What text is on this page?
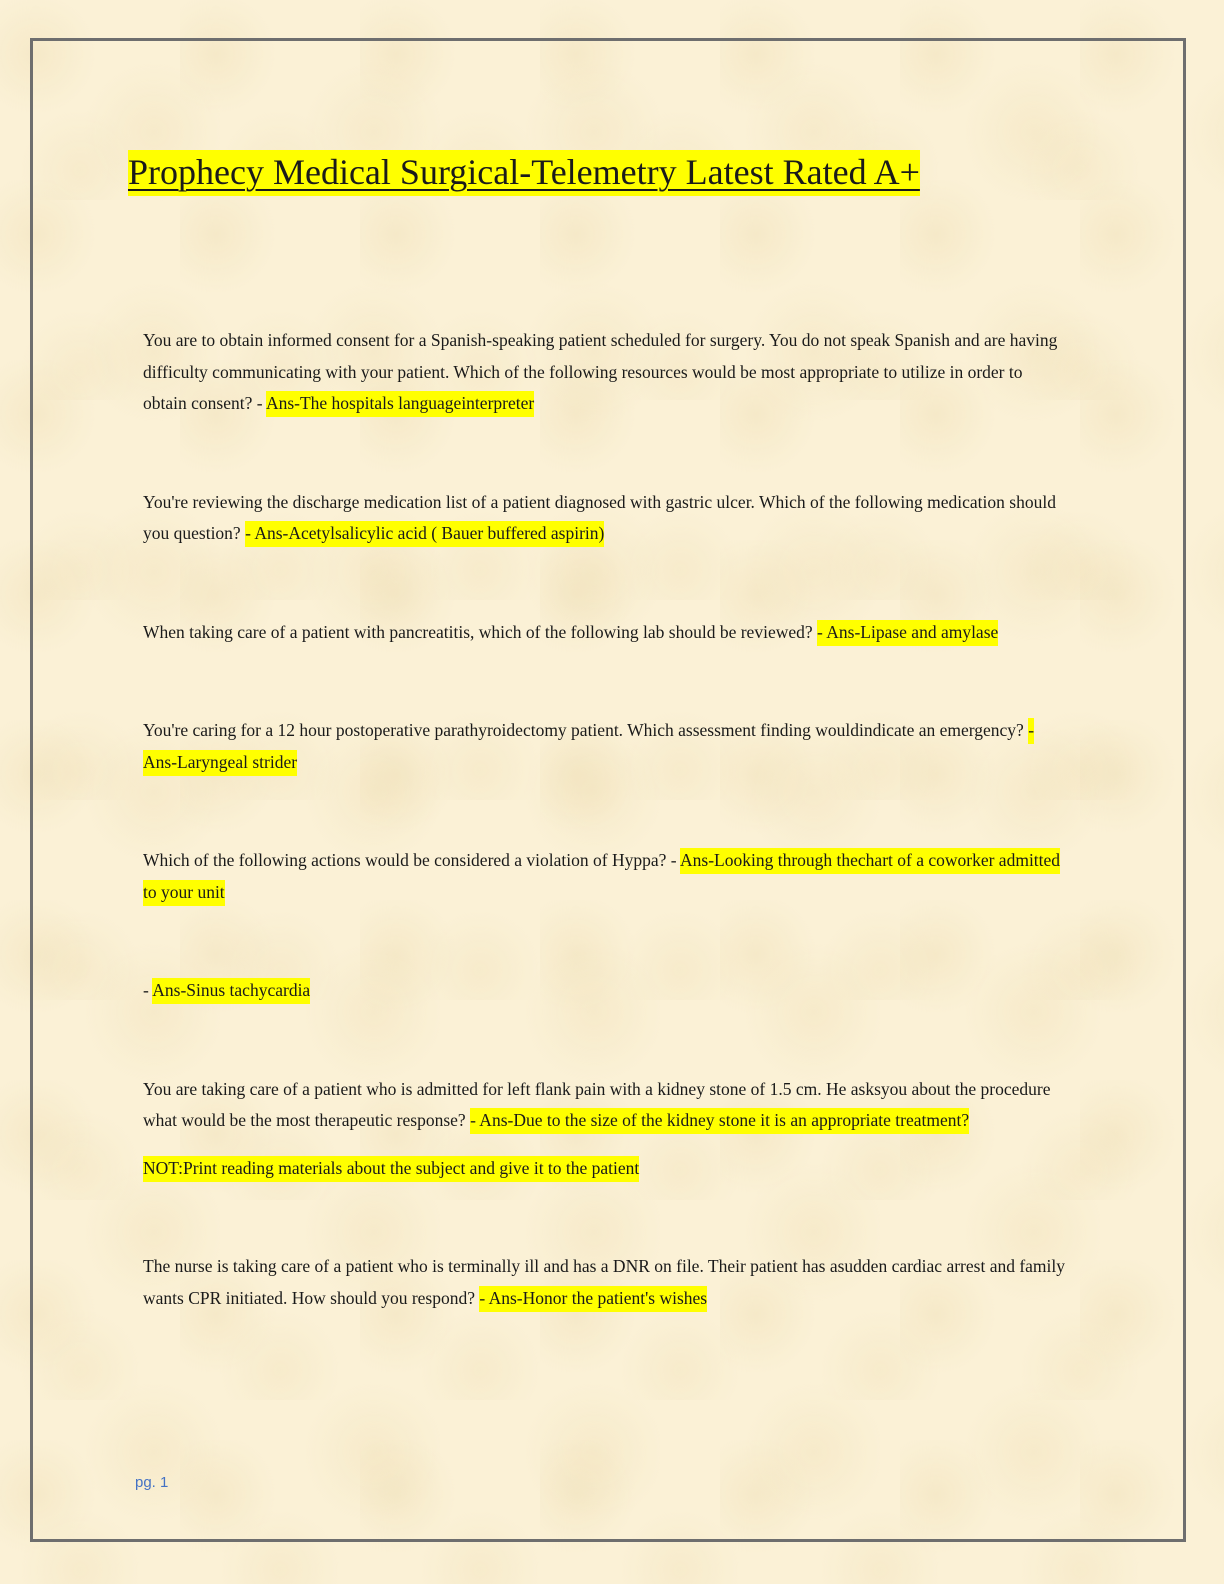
Prophecy Medical Surgical-Telemetry Latest Rated A+

You are to obtain informed consent for a Spanish-speaking patient scheduled for surgery. You do not speak Spanish and are having difficulty communicating with your patient. Which of the following resources would be most appropriate to utilize in order to obtain consent? - Ans-The hospitals languageinterpreter

You're reviewing the discharge medication list of a patient diagnosed with gastric ulcer. Which of the following medication should you question? - Ans-Acetylsalicylic acid ( Bauer buffered aspirin)

When taking care of a patient with pancreatitis, which of the following lab should be reviewed? - Ans-Lipase and amylase

You're caring for a 12 hour postoperative parathyroidectomy patient. Which assessment finding wouldindicate an emergency? - Ans-Laryngeal strider

Which of the following actions would be considered a violation of Hyppa? - Ans-Looking through thechart of a coworker admitted to your unit

- Ans-Sinus tachycardia

You are taking care of a patient who is admitted for left flank pain with a kidney stone of 1.5 cm. He asksyou about the procedure what would be the most therapeutic response? - Ans-Due to the size of the kidney stone it is an appropriate treatment?

NOT:Print reading materials about the subject and give it to the patient

The nurse is taking care of a patient who is terminally ill and has a DNR on file. Their patient has asudden cardiac arrest and family wants CPR initiated. How should you respond? - Ans-Honor the patient's wishes

pg. 1
